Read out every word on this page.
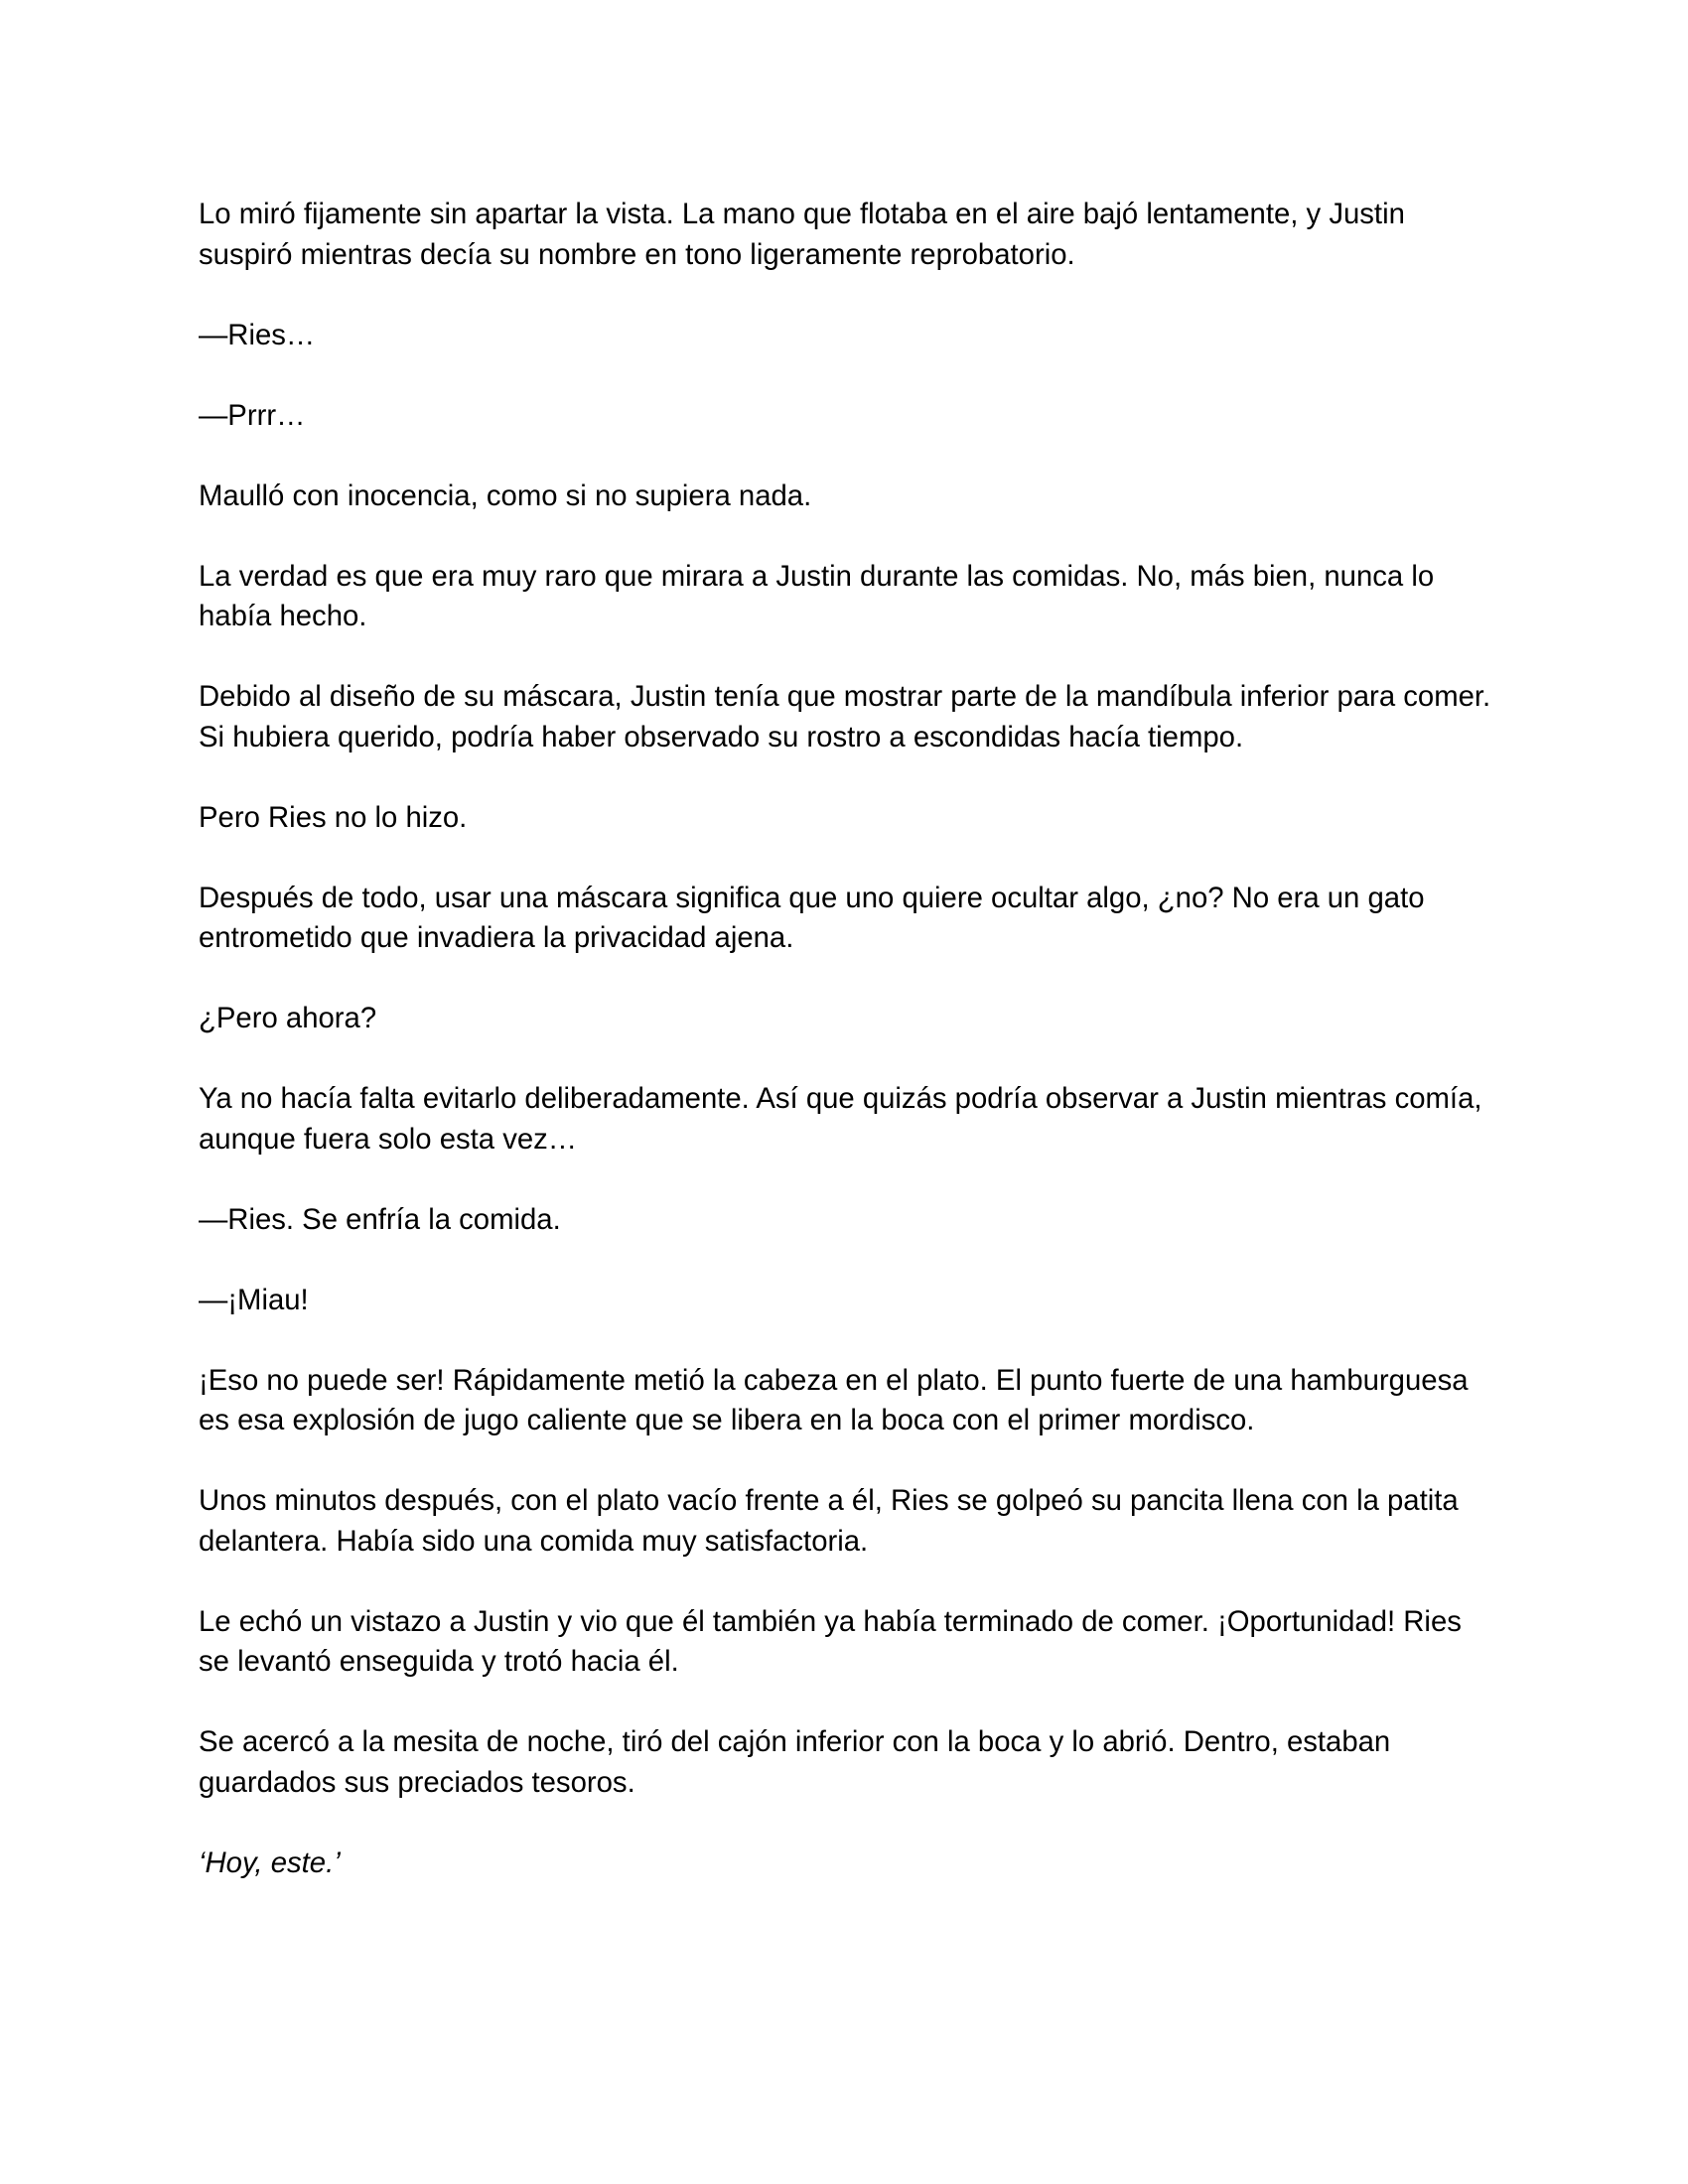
Lo miró fijamente sin apartar la vista. La mano que flotaba en el aire bajó lentamente, y Justin suspiró mientras decía su nombre en tono ligeramente reprobatorio.

—Ries…

—Prrr…

Maulló con inocencia, como si no supiera nada.

La verdad es que era muy raro que mirara a Justin durante las comidas. No, más bien, nunca lo había hecho.

Debido al diseño de su máscara, Justin tenía que mostrar parte de la mandíbula inferior para comer. Si hubiera querido, podría haber observado su rostro a escondidas hacía tiempo.

Pero Ries no lo hizo.

Después de todo, usar una máscara significa que uno quiere ocultar algo, ¿no? No era un gato entrometido que invadiera la privacidad ajena.

¿Pero ahora?

Ya no hacía falta evitarlo deliberadamente. Así que quizás podría observar a Justin mientras comía, aunque fuera solo esta vez…

—Ries. Se enfría la comida.

—¡Miau!

¡Eso no puede ser! Rápidamente metió la cabeza en el plato. El punto fuerte de una hamburguesa es esa explosión de jugo caliente que se libera en la boca con el primer mordisco.

Unos minutos después, con el plato vacío frente a él, Ries se golpeó su pancita llena con la patita delantera. Había sido una comida muy satisfactoria.

Le echó un vistazo a Justin y vio que él también ya había terminado de comer. ¡Oportunidad! Ries se levantó enseguida y trotó hacia él.

Se acercó a la mesita de noche, tiró del cajón inferior con la boca y lo abrió. Dentro, estaban guardados sus preciados tesoros.

‘Hoy, este.’
